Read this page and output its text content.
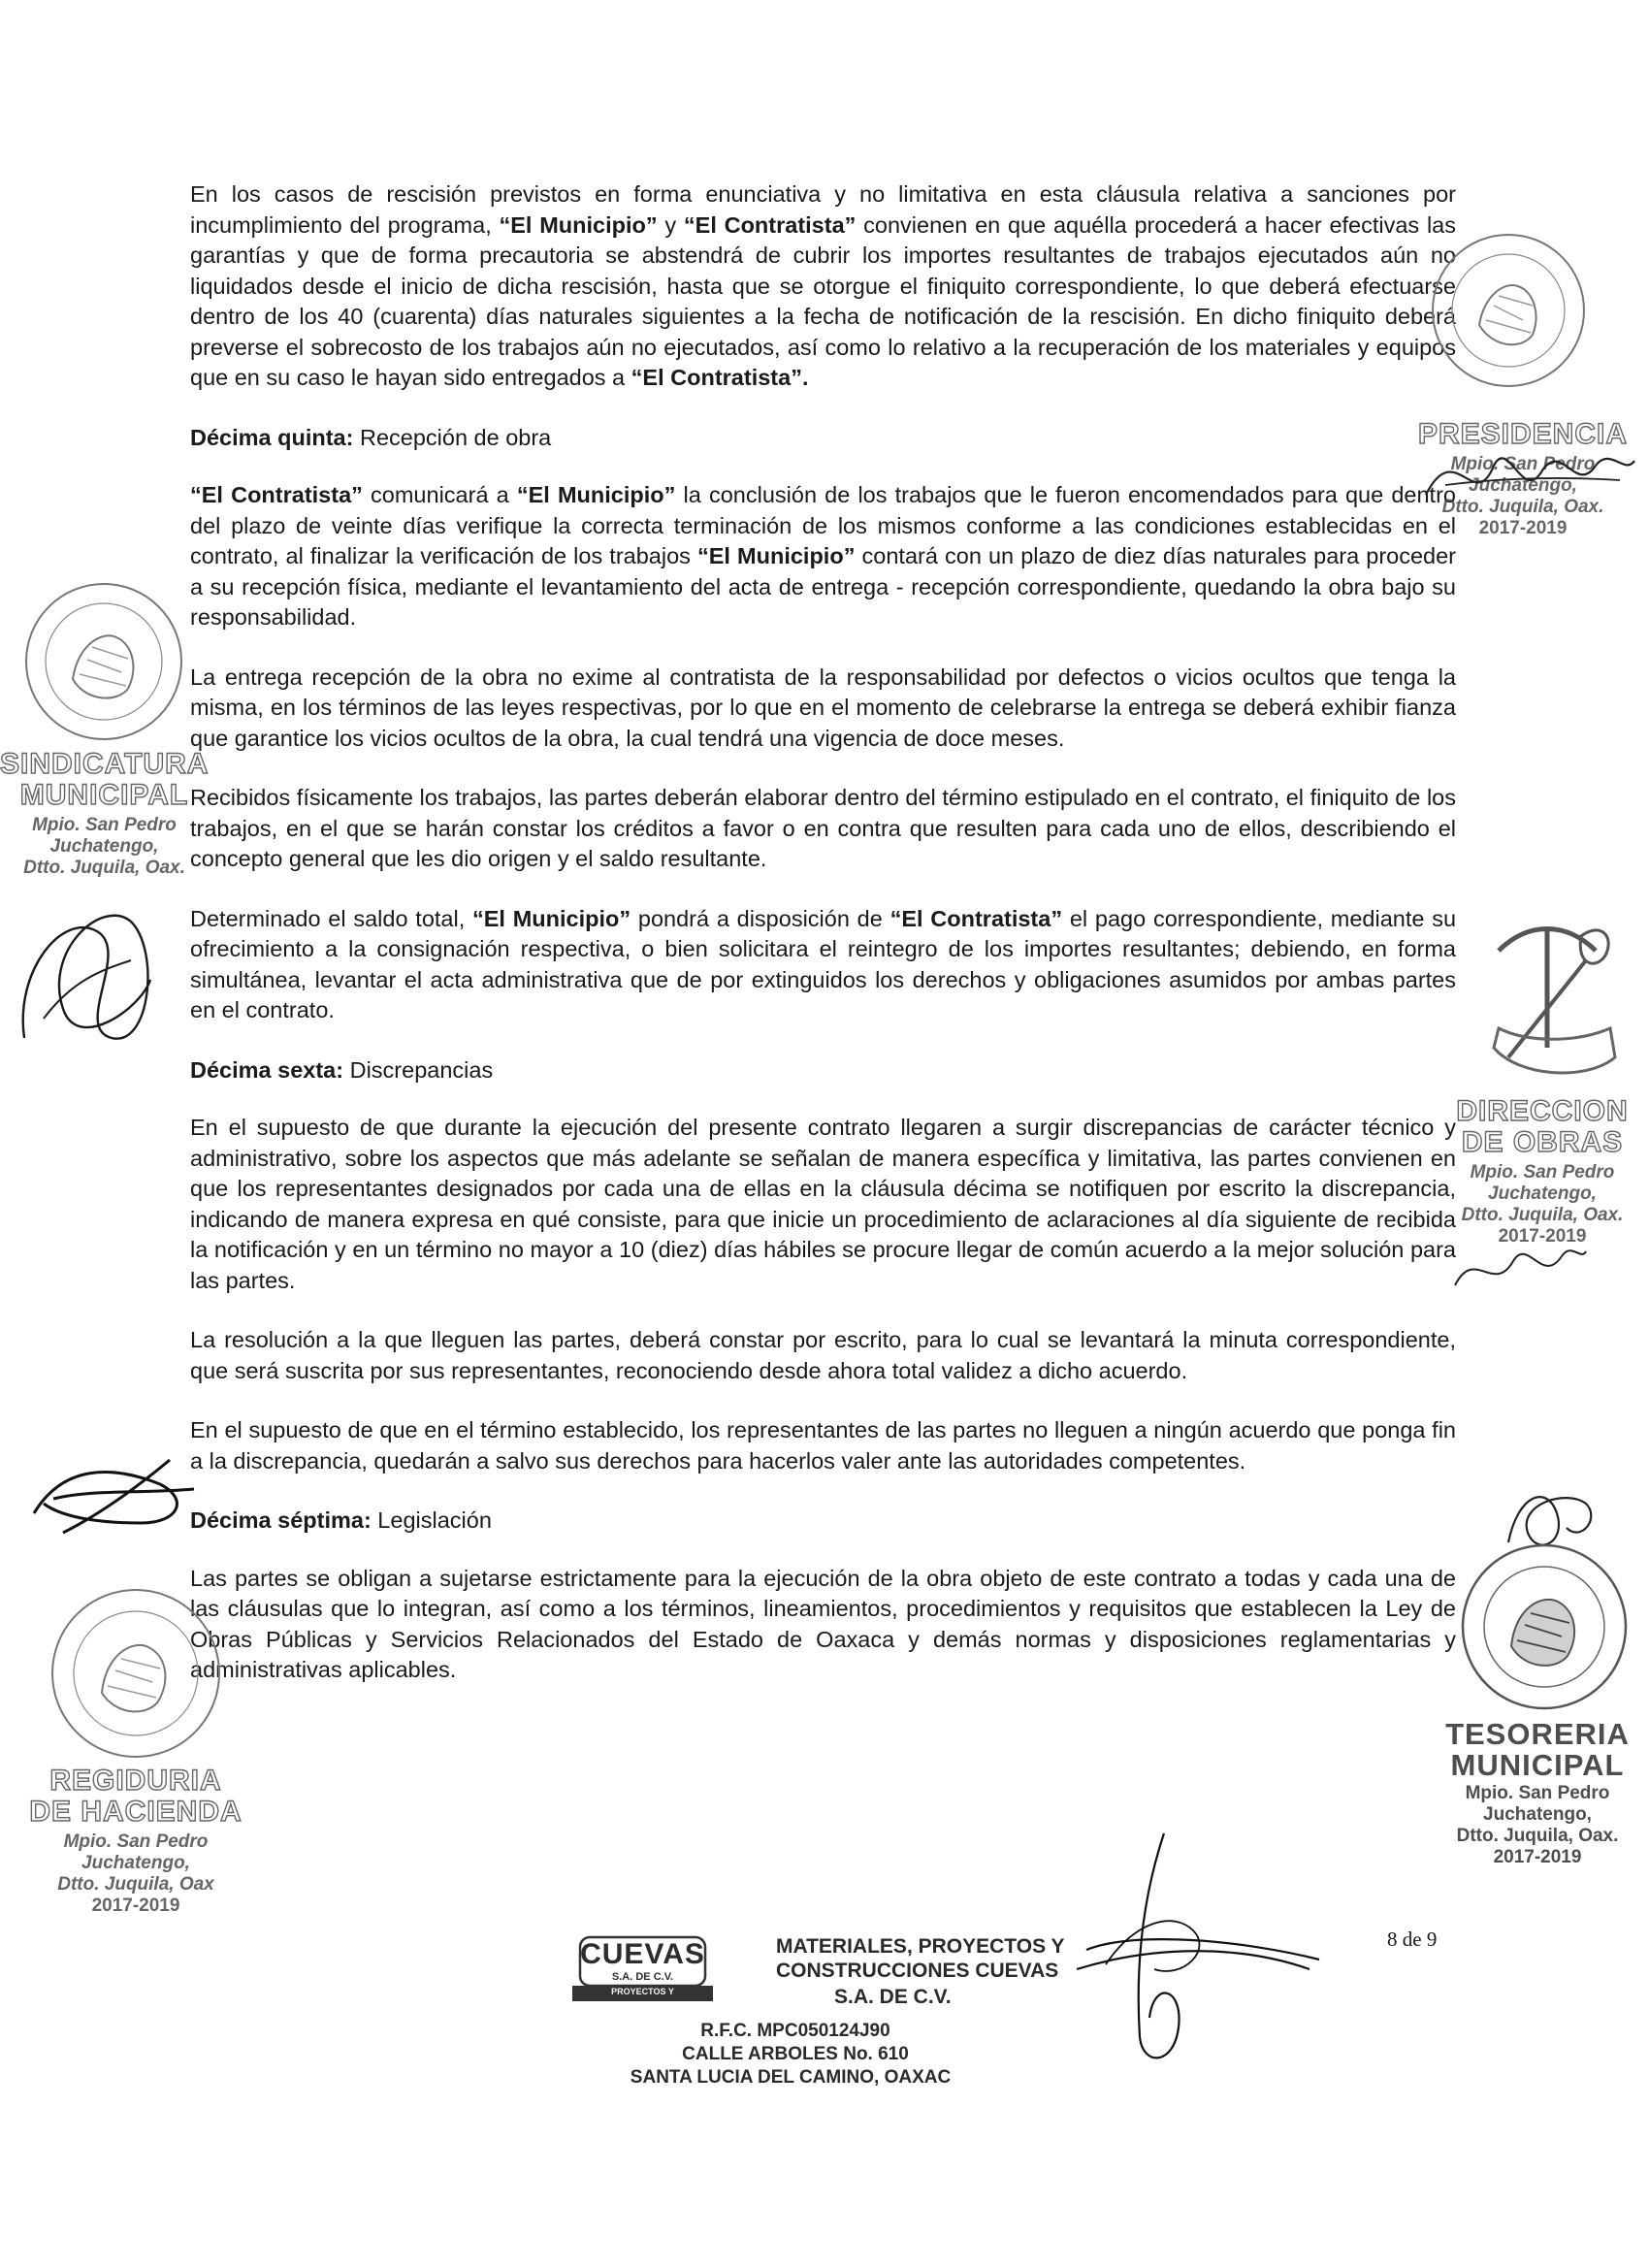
En los casos de rescisión previstos en forma enunciativa y no limitativa en esta cláusula relativa a sanciones por incumplimiento del programa, “El Municipio” y “El Contratista” convienen en que aquélla procederá a hacer efectivas las garantías y que de forma precautoria se abstendrá de cubrir los importes resultantes de trabajos ejecutados aún no liquidados desde el inicio de dicha rescisión, hasta que se otorgue el finiquito correspondiente, lo que deberá efectuarse dentro de los 40 (cuarenta) días naturales siguientes a la fecha de notificación de la rescisión. En dicho finiquito deberá preverse el sobrecosto de los trabajos aún no ejecutados, así como lo relativo a la recuperación de los materiales y equipos que en su caso le hayan sido entregados a “El Contratista”.

Décima quinta: Recepción de obra

“El Contratista” comunicará a “El Municipio” la conclusión de los trabajos que le fueron encomendados para que dentro del plazo de veinte días verifique la correcta terminación de los mismos conforme a las condiciones establecidas en el contrato, al finalizar la verificación de los trabajos “El Municipio” contará con un plazo de diez días naturales para proceder a su recepción física, mediante el levantamiento del acta de entrega - recepción correspondiente, quedando la obra bajo su responsabilidad.

La entrega recepción de la obra no exime al contratista de la responsabilidad por defectos o vicios ocultos que tenga la misma, en los términos de las leyes respectivas, por lo que en el momento de celebrarse la entrega se deberá exhibir fianza que garantice los vicios ocultos de la obra, la cual tendrá una vigencia de doce meses.

Recibidos físicamente los trabajos, las partes deberán elaborar dentro del término estipulado en el contrato, el finiquito de los trabajos, en el que se harán constar los créditos a favor o en contra que resulten para cada uno de ellos, describiendo el concepto general que les dio origen y el saldo resultante.

Determinado el saldo total, “El Municipio” pondrá a disposición de “El Contratista” el pago correspondiente, mediante su ofrecimiento a la consignación respectiva, o bien solicitara el reintegro de los importes resultantes; debiendo, en forma simultánea, levantar el acta administrativa que de por extinguidos los derechos y obligaciones asumidos por ambas partes en el contrato.

Décima sexta: Discrepancias

En el supuesto de que durante la ejecución del presente contrato llegaren a surgir discrepancias de carácter técnico y administrativo, sobre los aspectos que más adelante se señalan de manera específica y limitativa, las partes convienen en que los representantes designados por cada una de ellas en la cláusula décima se notifiquen por escrito la discrepancia, indicando de manera expresa en qué consiste, para que inicie un procedimiento de aclaraciones al día siguiente de recibida la notificación y en un término no mayor a 10 (diez) días hábiles se procure llegar de común acuerdo a la mejor solución para las partes.

La resolución a la que lleguen las partes, deberá constar por escrito, para lo cual se levantará la minuta correspondiente, que será suscrita por sus representantes, reconociendo desde ahora total validez a dicho acuerdo.

En el supuesto de que en el término establecido, los representantes de las partes no lleguen a ningún acuerdo que ponga fin a la discrepancia, quedarán a salvo sus derechos para hacerlos valer ante las autoridades competentes.

Décima séptima: Legislación

Las partes se obligan a sujetarse estrictamente para la ejecución de la obra objeto de este contrato a todas y cada una de las cláusulas que lo integran, así como a los términos, lineamientos, procedimientos y requisitos que establecen la Ley de Obras Públicas y Servicios Relacionados del Estado de Oaxaca y demás normas y disposiciones reglamentarias y administrativas aplicables.

PRESIDENCIA
Mpio. San Pedro
Juchatengo,
Dtto. Juquila, Oax.
2017-2019
SINDICATURA
MUNICIPAL
Mpio. San Pedro
Juchatengo,
Dtto. Juquila, Oax.
DIRECCION
DE OBRAS
Mpio. San Pedro
Juchatengo,
Dtto. Juquila, Oax.
2017-2019
TESORERIA
MUNICIPAL
Mpio. San Pedro
Juchatengo,
Dtto. Juquila, Oax.
2017-2019
REGIDURIA
DE HACIENDA
Mpio. San Pedro
Juchatengo,
Dtto. Juquila, Oax
2017-2019
CUEVAS
S.A. DE C.V.
PROYECTOS Y CONSTRUCCIONES
MATERIALES, PROYECTOS Y
CONSTRUCCIONES CUEVAS
S.A. DE C.V.
R.F.C. MPC050124J90
CALLE ARBOLES No. 610
SANTA LUCIA DEL CAMINO, OAXAC
8 de 9
